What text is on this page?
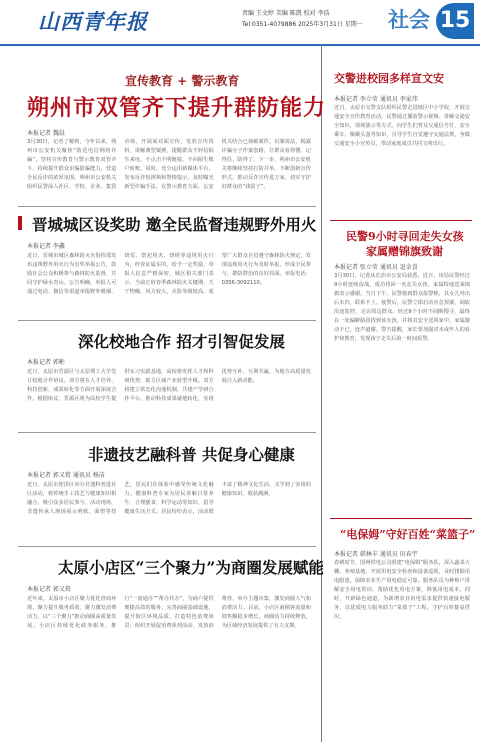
山西青年报	责编 王文婷 美编 陈凯 校对 李浩
Tel:0351-4079886 2025年3月31日 星期一 社会 15
宣传教育 + 警示教育
朔州市双管齐下提升群防能力
本报记者 魏晨
3月30日，记者了解到，今年以来，朔州市公安机关聚焦“防范电信网络诈骗”，坚持宣传教育与警示教育双管齐下，持续提升群众识骗防骗能力，营造全民反诈的浓厚氛围。朔州市公安机关组织民警深入社区、学校、企业、集贸市场，开展面对面宣传，发放宣传资料，讲解典型案例，提醒群众不轻信陌生来电、不点击不明链接、不向陌生账户转账。同时，充分运用新媒体平台，发布反诈短视频和警情提示，及时曝光新型诈骗手法。在警示教育方面，公安机关结合已侦破案件，以案说法，揭露诈骗分子作案套路，让群众看得懂、记得住、防得了。下一步，朔州市公安机关将继续坚持打防并举，不断创新宣传形式，推动反诈宣传进万家，切实守护好群众的“钱袋子”。
晋城城区设奖助 邀全民监督违规野外用火
本报记者 李鑫
近日，晋城市城区森林防灭火指挥部发布违规野外用火行为有奖举报公告，鼓励社会公众积极参与森林防火监督，共同守护绿水青山。公告明确，举报人可通过电话、微信等渠道举报野外吸烟、烧荒、祭祀用火、烧烤等违规用火行为，经查证属实的，给予一定奖励，举报人信息严格保密。城区相关部门表示，当前正值春季森林防火关键期，天干物燥，风力较大，火险等级较高，希望广大群众自觉遵守森林防火规定，发现违规用火行为及时举报，形成全民参与、群防群治的良好局面。举报电话：0356-3092110。
深化校地合作 招才引智促发展
本报记者 郭彬
近日，太原市晋源区与太原理工大学签订校地合作协议，双方将在人才培养、科技创新、成果转化等方面开展深度合作。根据协议，晋源区将为高校学生提供实习实践基地，高校将发挥人才和科研优势，助力区域产业转型升级。双方将建立常态化沟通机制，共建产学研合作平台，推动科技成果就地转化，实现优势互补、互利共赢，为地方高质量发展注入新动能。
非遗技艺融科普 共促身心健康
本报记者 郭又筠 通讯员 杨洁
近日，太原市迎泽区举办非遗科普进社区活动，将传统手工技艺与健康知识相融合，吸引众多居民参与。活动现场，非遗传承人现场展示剪纸、面塑等技艺，居民们在体验中感受传统文化魅力。健康科普专家为居民讲解日常养生、合理膳食、科学运动等知识，倡导健康生活方式。居民纷纷表示，活动既丰富了精神文化生活，又学到了实用的健康知识，收获满满。
太原小店区“三个聚力”为商圈发展赋能
本报记者 郭又筠
近年来，太原市小店区聚力优化营商环境、聚力提升服务质效、聚力激发消费活力，以“三个聚力”推动商圈高质量发展。小店区持续优化政务服务，推行“一窗通办”“帮办代办”，为商户提供便捷高效的服务；完善商圈基础设施，提升街区环境品质，打造特色消费场景；组织开展促消费系列活动，发放消费券，举办主题市集，激发商圈人气和消费活力。目前，小店区商圈客流量和销售额稳步增长，商圈活力持续释放，为区域经济发展提供了有力支撑。
交警进校园多样宣文安
本报记者 李立莹 通讯员 李家伟
近日，太原市交警支队组织民警走进辖区中小学校，开展交通安全宣传教育活动。民警通过播放警示视频、讲解交通安全知识、现场演示等方式，向学生们普及交通信号灯、安全乘车、佩戴头盔等知识，引导学生自觉遵守交通法规，争做交通安全小宣传员，带动家庭成员共同文明出行。
民警9小时寻回走失女孩
家属赠锦旗致谢
本报记者 张立莹 通讯员 逗金喜
3月30日，记者从长治市公安局获悉，近日，该局民警经过9小时连续奋战，成功找回一名走失女孩，家属特地送来锦旗表示感谢。当日下午，民警接到群众报警称，其女儿外出后未归，联系不上。接警后，民警立即启动应急预案，调取沿途监控，走访周边群众，经过9个小时不间断搜寻，最终在一处偏僻路段找到该女孩，并将其安全送回家中。家属激动不已，连声道谢。警方提醒，家长要加强对未成年人的看护和教育，发现孩子走失后第一时间报警。
“电保姆”守好百姓“菜篮子”
本报记者 韩林丰 通讯员 田春宇
春耕时节，国网供电公司组建“电保姆”服务队，深入蔬菜大棚、养殖基地，开展用电安全检查和设备巡视，及时排除用电隐患，保障农业生产用电稳定可靠。服务队员为种植户讲解安全用电常识，帮助优化用电方案，降低用电成本。同时，开辟绿色通道，为新增农业用电需求提供快速接电服务，以优质电力服务助力“菜篮子”工程，守护百姓餐桌供应。
